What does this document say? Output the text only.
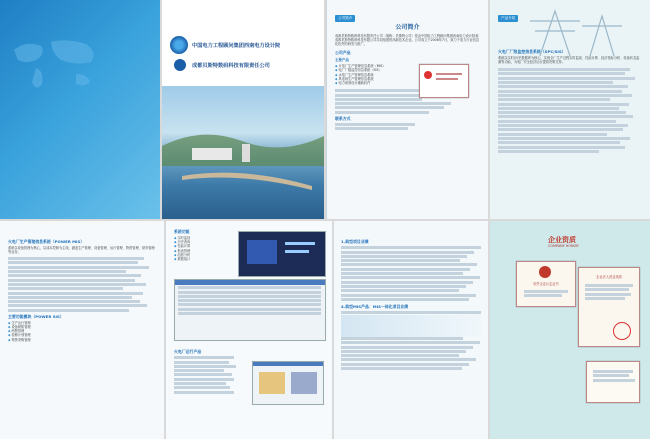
中国电力工程顾问集团西南电力设计院
成都贝斯特数码科技有限责任公司
公司简介
公司简介

成都贝斯特数码科技有限责任公司（简称：贝斯特公司）是由中国电力工程顾问集团西南电力设计院和成都贝斯特数码科技有限公司共同组建的高新技术企业。公司成立于2006年7月，致力于电力行业信息化软件的研发与推广。

公司产品
主要产品

◆ 火电厂生产管理信息系统（MIS）

◆ 电厂厂级监控信息系统（SIS）

◆ 水电厂生产管理信息系统

◆ 风电场生产管理信息系统

◆ 电力规划设计辅助软件

联系方式
产品介绍
火电厂厂级监控信息系统（SPC/SIS）

系统以实时/历史数据库为核心，实现全厂生产过程实时监视、性能计算、经济指标分析、设备状态监测等功能，为电厂安全经济运行提供决策支持。

火电厂生产管理信息系统（POWER MIS）

系统以设备管理为核心，以成本控制为主线，涵盖生产管理、设备管理、运行管理、物资管理、财务管理等业务。

主要功能模块（POWER SIS）

◆ 生产运行管理

◆ 设备缺陷管理

◆ 两票管理

◆ 检修计划管理

◆ 物资采购管理

系统功能

◆ 实时监视

◆ 历史查询

◆ 性能计算

◆ 报表管理

◆ 趋势分析

◆ 数据接口

火电厂运行产品
1.典型项目业绩
4.典型MIS产品：MIS一体化项目业绩
企业资质
COMPANY HONOR
软件企业认定证书
企业法人营业执照
